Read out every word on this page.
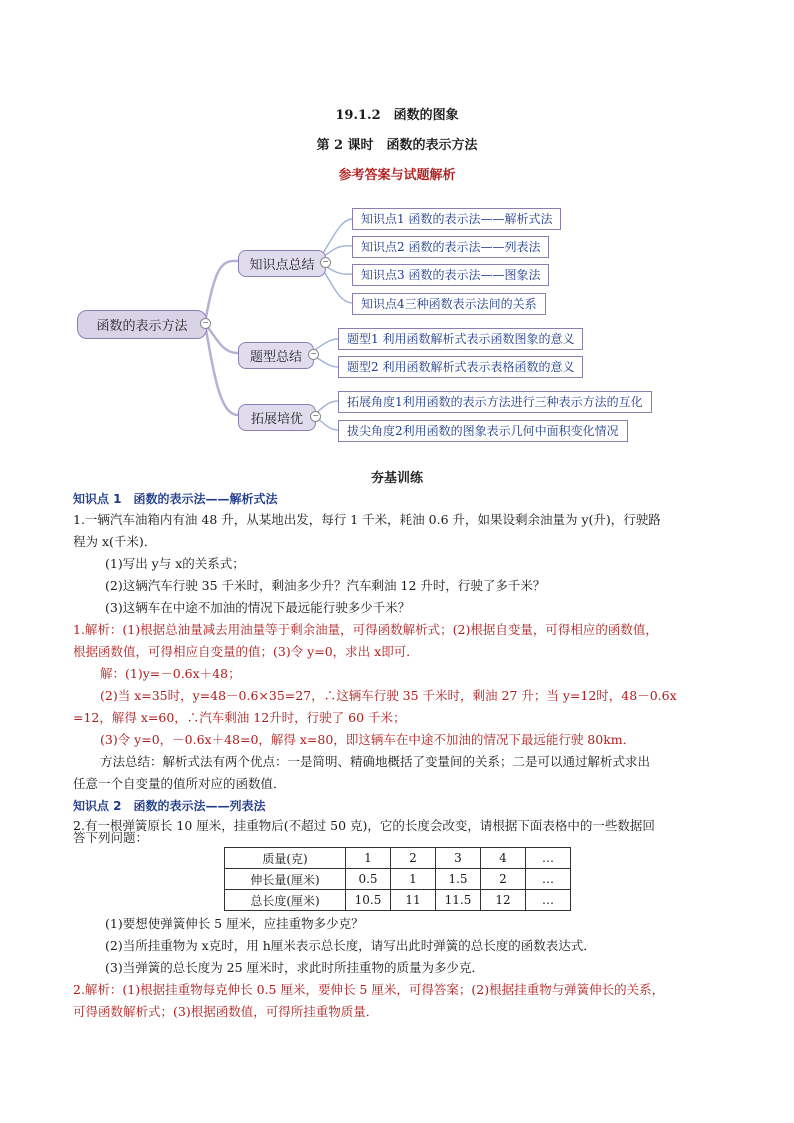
19.1.2　函数的图象
第 2 课时　函数的表示方法
参考答案与试题解析
函数的表示方法	−
知识点总结 −
知识点1 函数的表示法——解析式法
知识点2 函数的表示法——列表法
知识点3 函数的表示法——图象法
知识点4三种函数表示法间的关系
题型总结	−
题型1 利用函数解析式表示函数图象的意义
题型2 利用函数解析式表示表格函数的意义
拓展培优	−
拓展角度1利用函数的表示方法进行三种表示方法的互化
拔尖角度2利用函数的图象表示几何中面积变化情况
夯基训练
知识点 1　函数的表示法——解析式法
1.一辆汽车油箱内有油 48 升，从某地出发，每行 1 千米，耗油 0.6 升，如果设剩余油量为 y(升)，行驶路
程为 x(千米)．
(1)写出 y与 x的关系式；
(2)这辆汽车行驶 35 千米时，剩油多少升？汽车剩油 12 升时，行驶了多千米？
(3)这辆车在中途不加油的情况下最远能行驶多少千米？
1.解析：(1)根据总油量减去用油量等于剩余油量，可得函数解析式；(2)根据自变量，可得相应的函数值，
根据函数值，可得相应自变量的值；(3)令 y=0，求出 x即可．
解：(1)y=－0.6x＋48；
(2)当 x=35时，y=48－0.6×35=27，∴这辆车行驶 35 千米时，剩油 27 升；当 y=12时，48－0.6x
=12，解得 x=60，∴汽车剩油 12升时，行驶了 60 千米；
(3)令 y=0，－0.6x＋48=0，解得 x=80，即这辆车在中途不加油的情况下最远能行驶 80km．
方法总结：解析式法有两个优点：一是简明、精确地概括了变量间的关系；二是可以通过解析式求出
任意一个自变量的值所对应的函数值．
知识点 2　函数的表示法——列表法
2.有一根弹簧原长 10 厘米，挂重物后(不超过 50 克)，它的长度会改变，请根据下面表格中的一些数据回
答下列问题：
质量(克)	1	2	3	4	…
伸长量(厘米)	0.5	1	1.5	2	…
总长度(厘米)	10.5	11	11.5	12	…
(1)要想使弹簧伸长 5 厘米，应挂重物多少克？
(2)当所挂重物为 x克时，用 h厘米表示总长度，请写出此时弹簧的总长度的函数表达式．
(3)当弹簧的总长度为 25 厘米时，求此时所挂重物的质量为多少克．
2.解析：(1)根据挂重物每克伸长 0.5 厘米，要伸长 5 厘米，可得答案；(2)根据挂重物与弹簧伸长的关系，
可得函数解析式；(3)根据函数值，可得所挂重物质量．
